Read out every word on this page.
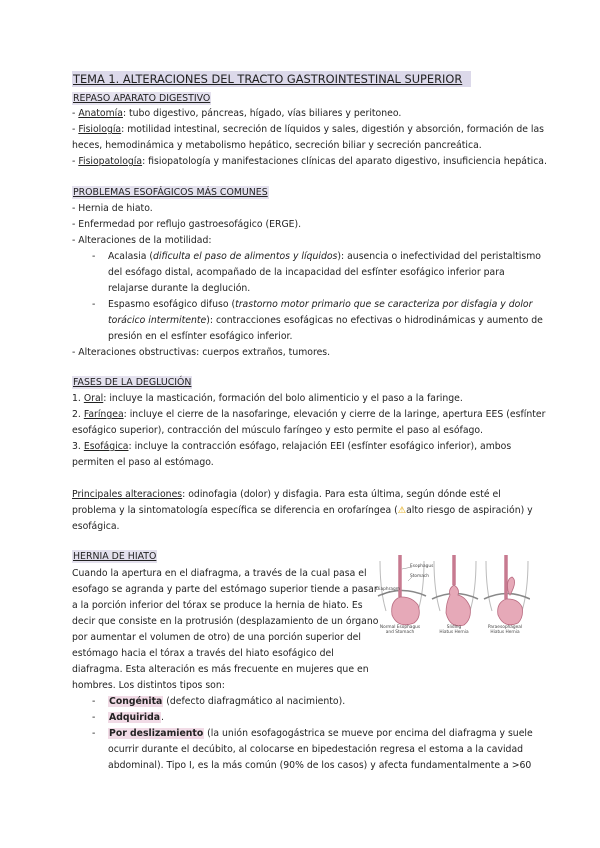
TEMA 1. ALTERACIONES DEL TRACTO GASTROINTESTINAL SUPERIOR
REPASO APARATO DIGESTIVO
- Anatomía: tubo digestivo, páncreas, hígado, vías biliares y peritoneo.
- Fisiología: motilidad intestinal, secreción de líquidos y sales, digestión y absorción, formación de las
heces, hemodinámica y metabolismo hepático, secreción biliar y secreción pancreática.
- Fisiopatología: fisiopatología y manifestaciones clínicas del aparato digestivo, insuficiencia hepática.
PROBLEMAS ESOFÁGICOS MÁS COMUNES
- Hernia de hiato.
- Enfermedad por reflujo gastroesofágico (ERGE).
- Alteraciones de la motilidad:
- Acalasia (dificulta el paso de alimentos y líquidos): ausencia o inefectividad del peristaltismo
del esófago distal, acompañado de la incapacidad del esfínter esofágico inferior para
relajarse durante la deglución.
- Espasmo esofágico difuso (trastorno motor primario que se caracteriza por disfagia y dolor
torácico intermitente): contracciones esofágicas no efectivas o hidrodinámicas y aumento de
presión en el esfínter esofágico inferior.
- Alteraciones obstructivas: cuerpos extraños, tumores.
FASES DE LA DEGLUCIÓN
1. Oral: incluye la masticación, formación del bolo alimenticio y el paso a la faringe.
2. Faríngea: incluye el cierre de la nasofaringe, elevación y cierre de la laringe, apertura EES (esfínter
esofágico superior), contracción del músculo faríngeo y esto permite el paso al esófago.
3. Esofágica: incluye la contracción esófago, relajación EEI (esfínter esofágico inferior), ambos
permiten el paso al estómago.
Principales alteraciones: odinofagia (dolor) y disfagia. Para esta última, según dónde esté el
problema y la sintomatología específica se diferencia en orofaríngea (⚠alto riesgo de aspiración) y
esofágica.
HERNIA DE HIATO
Cuando la apertura en el diafragma, a través de la cual pasa el
esofago se agranda y parte del estómago superior tiende a pasar
a la porción inferior del tórax se produce la hernia de hiato. Es
decir que consiste en la protrusión (desplazamiento de un órgano
por aumentar el volumen de otro) de una porción superior del
estómago hacia el tórax a través del hiato esofágico del
diafragma. Esta alteración es más frecuente en mujeres que en
hombres. Los distintos tipos son:
- Congénita (defecto diafragmático al nacimiento).
- Adquirida.
- Por deslizamiento (la unión esofagogástrica se mueve por encima del diafragma y suele
ocurrir durante el decúbito, al colocarse en bipedestación regresa el estoma a la cavidad
abdominal). Tipo I, es la más común (90% de los casos) y afecta fundamentalmente a >60
Diaphragm
Esophagus
Stomach
Normal Esophagus
and Stomach
Sliding
Hiatus Hernia
Paraesophageal
Hiatus Hernia
